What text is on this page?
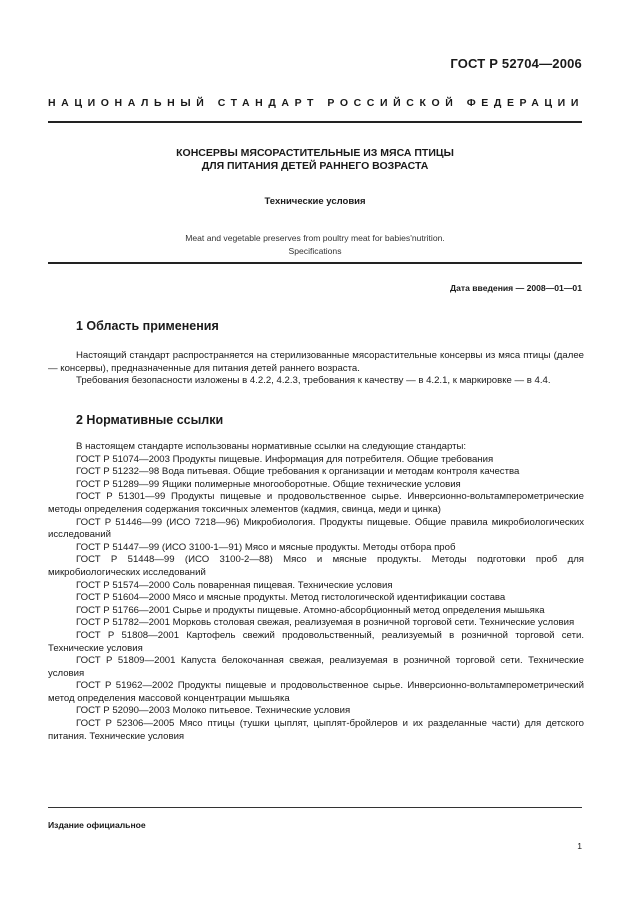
ГОСТ Р 52704—2006
НАЦИОНАЛЬНЫЙ СТАНДАРТ РОССИЙСКОЙ ФЕДЕРАЦИИ
КОНСЕРВЫ МЯСОРАСТИТЕЛЬНЫЕ ИЗ МЯСА ПТИЦЫ
ДЛЯ ПИТАНИЯ ДЕТЕЙ РАННЕГО ВОЗРАСТА
Технические условия
Meat and vegetable preserves from poultry meat for babies'nutrition.
Specifications
Дата введения — 2008—01—01
1 Область применения

Настоящий стандарт распространяется на стерилизованные мясорастительные консервы из мяса птицы (далее — консервы), предназначенные для питания детей раннего возраста.

Требования безопасности изложены в 4.2.2, 4.2.3, требования к качеству — в 4.2.1, к маркировке — в 4.4.

2 Нормативные ссылки

В настоящем стандарте использованы нормативные ссылки на следующие стандарты:

ГОСТ Р 51074—2003 Продукты пищевые. Информация для потребителя. Общие требования

ГОСТ Р 51232—98 Вода питьевая. Общие требования к организации и методам контроля качества

ГОСТ Р 51289—99 Ящики полимерные многооборотные. Общие технические условия

ГОСТ Р 51301—99 Продукты пищевые и продовольственное сырье. Инверсионно-вольтамперометрические методы определения содержания токсичных элементов (кадмия, свинца, меди и цинка)

ГОСТ Р 51446—99 (ИСО 7218—96) Микробиология. Продукты пищевые. Общие правила микробиологических исследований

ГОСТ Р 51447—99 (ИСО 3100-1—91) Мясо и мясные продукты. Методы отбора проб

ГОСТ Р 51448—99 (ИСО 3100-2—88) Мясо и мясные продукты. Методы подготовки проб для микробиологических исследований

ГОСТ Р 51574—2000 Соль поваренная пищевая. Технические условия

ГОСТ Р 51604—2000 Мясо и мясные продукты. Метод гистологической идентификации состава

ГОСТ Р 51766—2001 Сырье и продукты пищевые. Атомно-абсорбционный метод определения мышьяка

ГОСТ Р 51782—2001 Морковь столовая свежая, реализуемая в розничной торговой сети. Технические условия

ГОСТ Р 51808—2001 Картофель свежий продовольственный, реализуемый в розничной торговой сети. Технические условия

ГОСТ Р 51809—2001 Капуста белокочанная свежая, реализуемая в розничной торговой сети. Технические условия

ГОСТ Р 51962—2002 Продукты пищевые и продовольственное сырье. Инверсионно-вольтамперометрический метод определения массовой концентрации мышьяка

ГОСТ Р 52090—2003 Молоко питьевое. Технические условия

ГОСТ Р 52306—2005 Мясо птицы (тушки цыплят, цыплят-бройлеров и их разделанные части) для детского питания. Технические условия

Издание официальное
1
